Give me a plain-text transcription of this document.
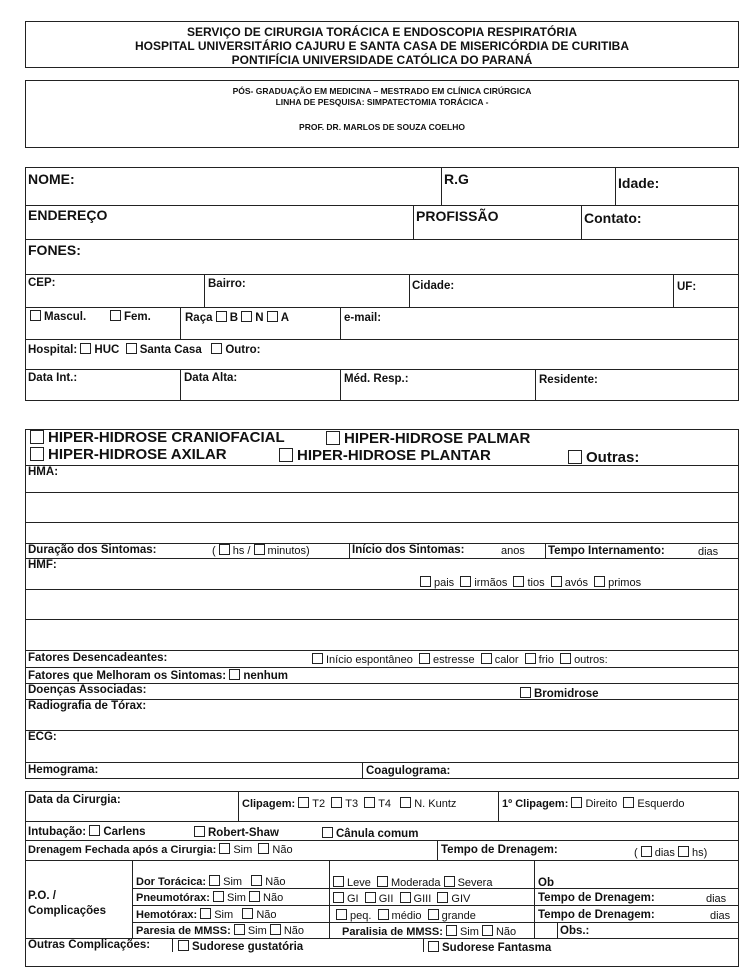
SERVIÇO DE CIRURGIA TORÁCICA E ENDOSCOPIA RESPIRATÓRIA
HOSPITAL UNIVERSITÁRIO CAJURU E SANTA CASA DE MISERICÓRDIA DE CURITIBA
PONTIFÍCIA UNIVERSIDADE CATÓLICA DO PARANÁ
PÓS- GRADUAÇÃO EM MEDICINA – MESTRADO EM CLÍNICA CIRÚRGICA
LINHA DE PESQUISA: SIMPATECTOMIA TORÁCICA -
PROF. DR. MARLOS DE SOUZA COELHO
NOME:	R.G	Idade:
ENDEREÇO	PROFISSÃO	Contato:
FONES:
CEP:	Bairro:	Cidade:	UF:
Mascul.	Fem.	Raça B N A	e-mail:
Hospital: HUC Santa Casa Outro:
Data Int.:	Data Alta:	Méd. Resp.:	Residente:
HIPER-HIDROSE CRANIOFACIAL	HIPER-HIDROSE PALMAR
HIPER-HIDROSE AXILAR	HIPER-HIDROSE PLANTAR	Outras:
HMA:
Duração dos Sintomas:	( hs / minutos)	Início dos Sintomas:	anos Tempo Internamento:	dias
HMF:
pais irmãos tios avós primos
Fatores Desencadeantes:	Início espontâneo estresse calor frio outros:
Fatores que Melhoram os Sintomas: nenhum
Doenças Associadas:	Bromidrose
Radiografia de Tórax:
ECG:
Hemograma:	Coagulograma:
Data da Cirurgia:	Clipagem: T2 T3 T4 N. Kuntz	1º Clipagem: Direito Esquerdo
Intubação: Carlens	Robert-Shaw	Cânula comum
Drenagem Fechada após a Cirurgia: Sim Não	Tempo de Drenagem:	( dias hs)
P.O. /
Complicações
Dor Torácica: Sim Não	Leve Moderada Severa	Ob
Pneumotórax: Sim Não	GI GII GIII GIV	Tempo de Drenagem:	dias
Hemotórax: Sim Não	peq. médio grande	Tempo de Drenagem:	dias
Paresia de MMSS: Sim Não	Paralisia de MMSS: Sim Não	Obs.:
Outras Complicações:	Sudorese gustatória	Sudorese Fantasma
